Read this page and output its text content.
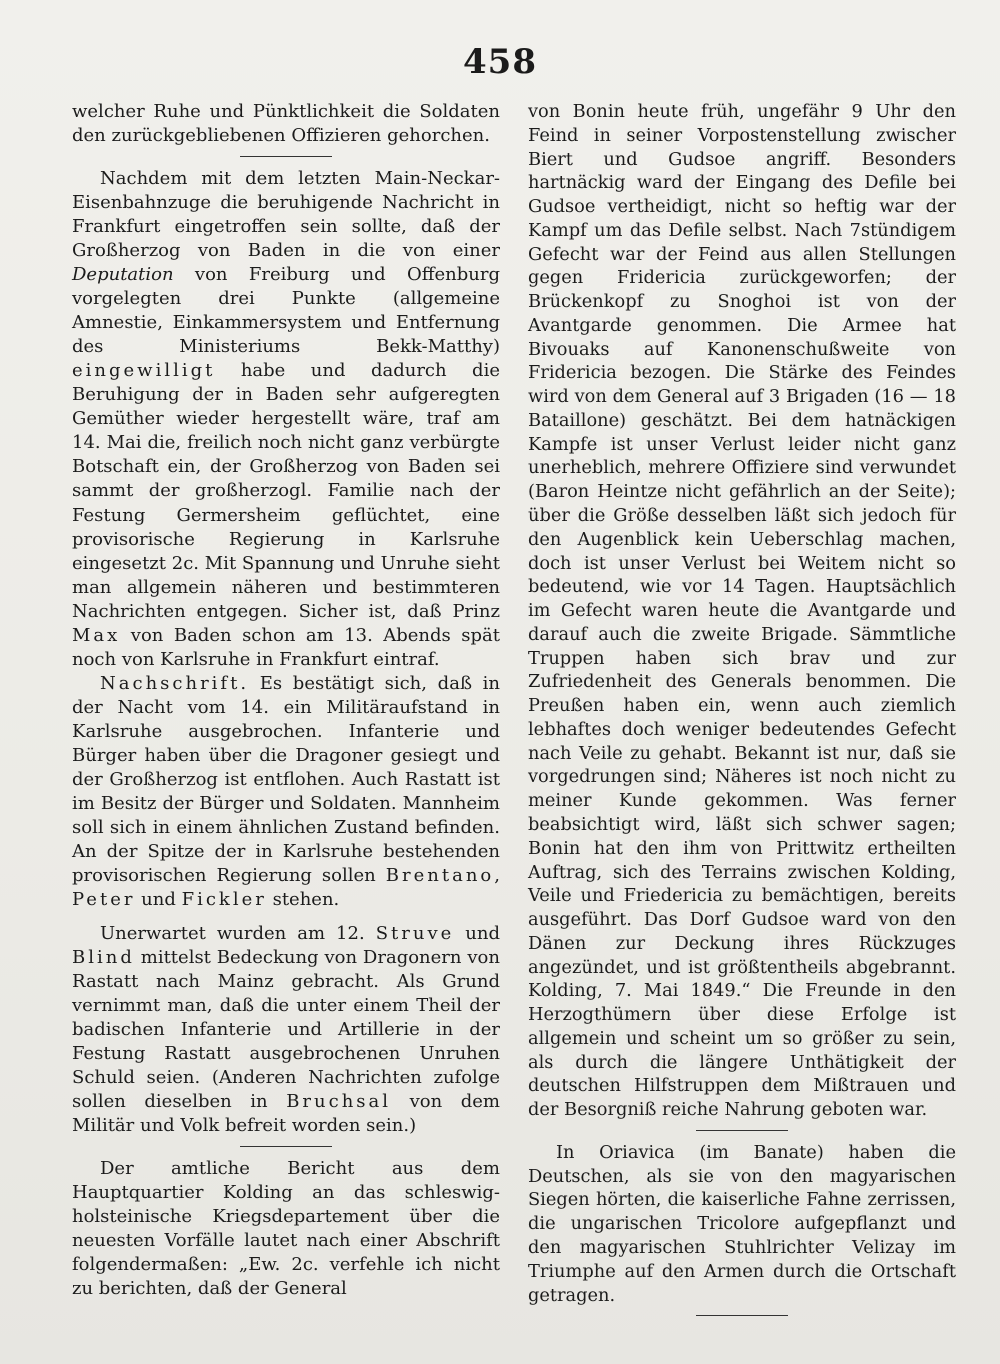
458

welcher Ruhe und Pünktlichkeit die Soldaten den zurückgebliebenen Offizieren gehorchen.

Nachdem mit dem letzten Main-Neckar-Eisenbahnzuge die beruhigende Nachricht in Frankfurt eingetroffen sein sollte, daß der Großherzog von Baden in die von einer Deputation von Freiburg und Offenburg vorgelegten drei Punkte (allgemeine Amnestie, Einkammersystem und Entfernung des Ministeriums Bekk-Matthy) eingewilligt habe und dadurch die Beruhigung der in Baden sehr aufgeregten Gemüther wieder hergestellt wäre, traf am 14. Mai die, freilich noch nicht ganz verbürgte Botschaft ein, der Großherzog von Baden sei sammt der großherzogl. Familie nach der Festung Germersheim geflüchtet, eine provisorische Regierung in Karlsruhe eingesetzt 2c. Mit Spannung und Unruhe sieht man allgemein näheren und bestimmteren Nachrichten entgegen. Sicher ist, daß Prinz Max von Baden schon am 13. Abends spät noch von Karlsruhe in Frankfurt eintraf.

Nachschrift. Es bestätigt sich, daß in der Nacht vom 14. ein Militäraufstand in Karlsruhe ausgebrochen. Infanterie und Bürger haben über die Dragoner gesiegt und der Großherzog ist entflohen. Auch Rastatt ist im Besitz der Bürger und Soldaten. Mannheim soll sich in einem ähnlichen Zustand befinden. An der Spitze der in Karlsruhe bestehenden provisorischen Regierung sollen Brentano, Peter und Fickler stehen.

Unerwartet wurden am 12. Struve und Blind mittelst Bedeckung von Dragonern von Rastatt nach Mainz gebracht. Als Grund vernimmt man, daß die unter einem Theil der badischen Infanterie und Artillerie in der Festung Rastatt ausgebrochenen Unruhen Schuld seien. (Anderen Nachrichten zufolge sollen dieselben in Bruchsal von dem Militär und Volk befreit worden sein.)

Der amtliche Bericht aus dem Hauptquartier Kolding an das schleswig-holsteinische Kriegsdepartement über die neuesten Vorfälle lautet nach einer Abschrift folgendermaßen: „Ew. 2c. verfehle ich nicht zu berichten, daß der General

von Bonin heute früh, ungefähr 9 Uhr den Feind in seiner Vorpostenstellung zwischer Biert und Gudsoe angriff. Besonders hartnäckig ward der Eingang des Defile bei Gudsoe vertheidigt, nicht so heftig war der Kampf um das Defile selbst. Nach 7stündigem Gefecht war der Feind aus allen Stellungen gegen Fridericia zurückgeworfen; der Brückenkopf zu Snoghoi ist von der Avantgarde genommen. Die Armee hat Bivouaks auf Kanonenschußweite von Fridericia bezogen. Die Stärke des Feindes wird von dem General auf 3 Brigaden (16 — 18 Bataillone) geschätzt. Bei dem hatnäckigen Kampfe ist unser Verlust leider nicht ganz unerheblich, mehrere Offiziere sind verwundet (Baron Heintze nicht gefährlich an der Seite); über die Größe desselben läßt sich jedoch für den Augenblick kein Ueberschlag machen, doch ist unser Verlust bei Weitem nicht so bedeutend, wie vor 14 Tagen. Hauptsächlich im Gefecht waren heute die Avantgarde und darauf auch die zweite Brigade. Sämmtliche Truppen haben sich brav und zur Zufriedenheit des Generals benommen. Die Preußen haben ein, wenn auch ziemlich lebhaftes doch weniger bedeutendes Gefecht nach Veile zu gehabt. Bekannt ist nur, daß sie vorgedrungen sind; Näheres ist noch nicht zu meiner Kunde gekommen. Was ferner beabsichtigt wird, läßt sich schwer sagen; Bonin hat den ihm von Prittwitz ertheilten Auftrag, sich des Terrains zwischen Kolding, Veile und Friedericia zu bemächtigen, bereits ausgeführt. Das Dorf Gudsoe ward von den Dänen zur Deckung ihres Rückzuges angezündet, und ist größtentheils abgebrannt. Kolding, 7. Mai 1849.“ Die Freunde in den Herzogthümern über diese Erfolge ist allgemein und scheint um so größer zu sein, als durch die längere Unthätigkeit der deutschen Hilfstruppen dem Mißtrauen und der Besorgniß reiche Nahrung geboten war.

In Oriavica (im Banate) haben die Deutschen, als sie von den magyarischen Siegen hörten, die kaiserliche Fahne zerrissen, die ungarischen Tricolore aufgepflanzt und den magyarischen Stuhlrichter Velizay im Triumphe auf den Armen durch die Ortschaft getragen.
